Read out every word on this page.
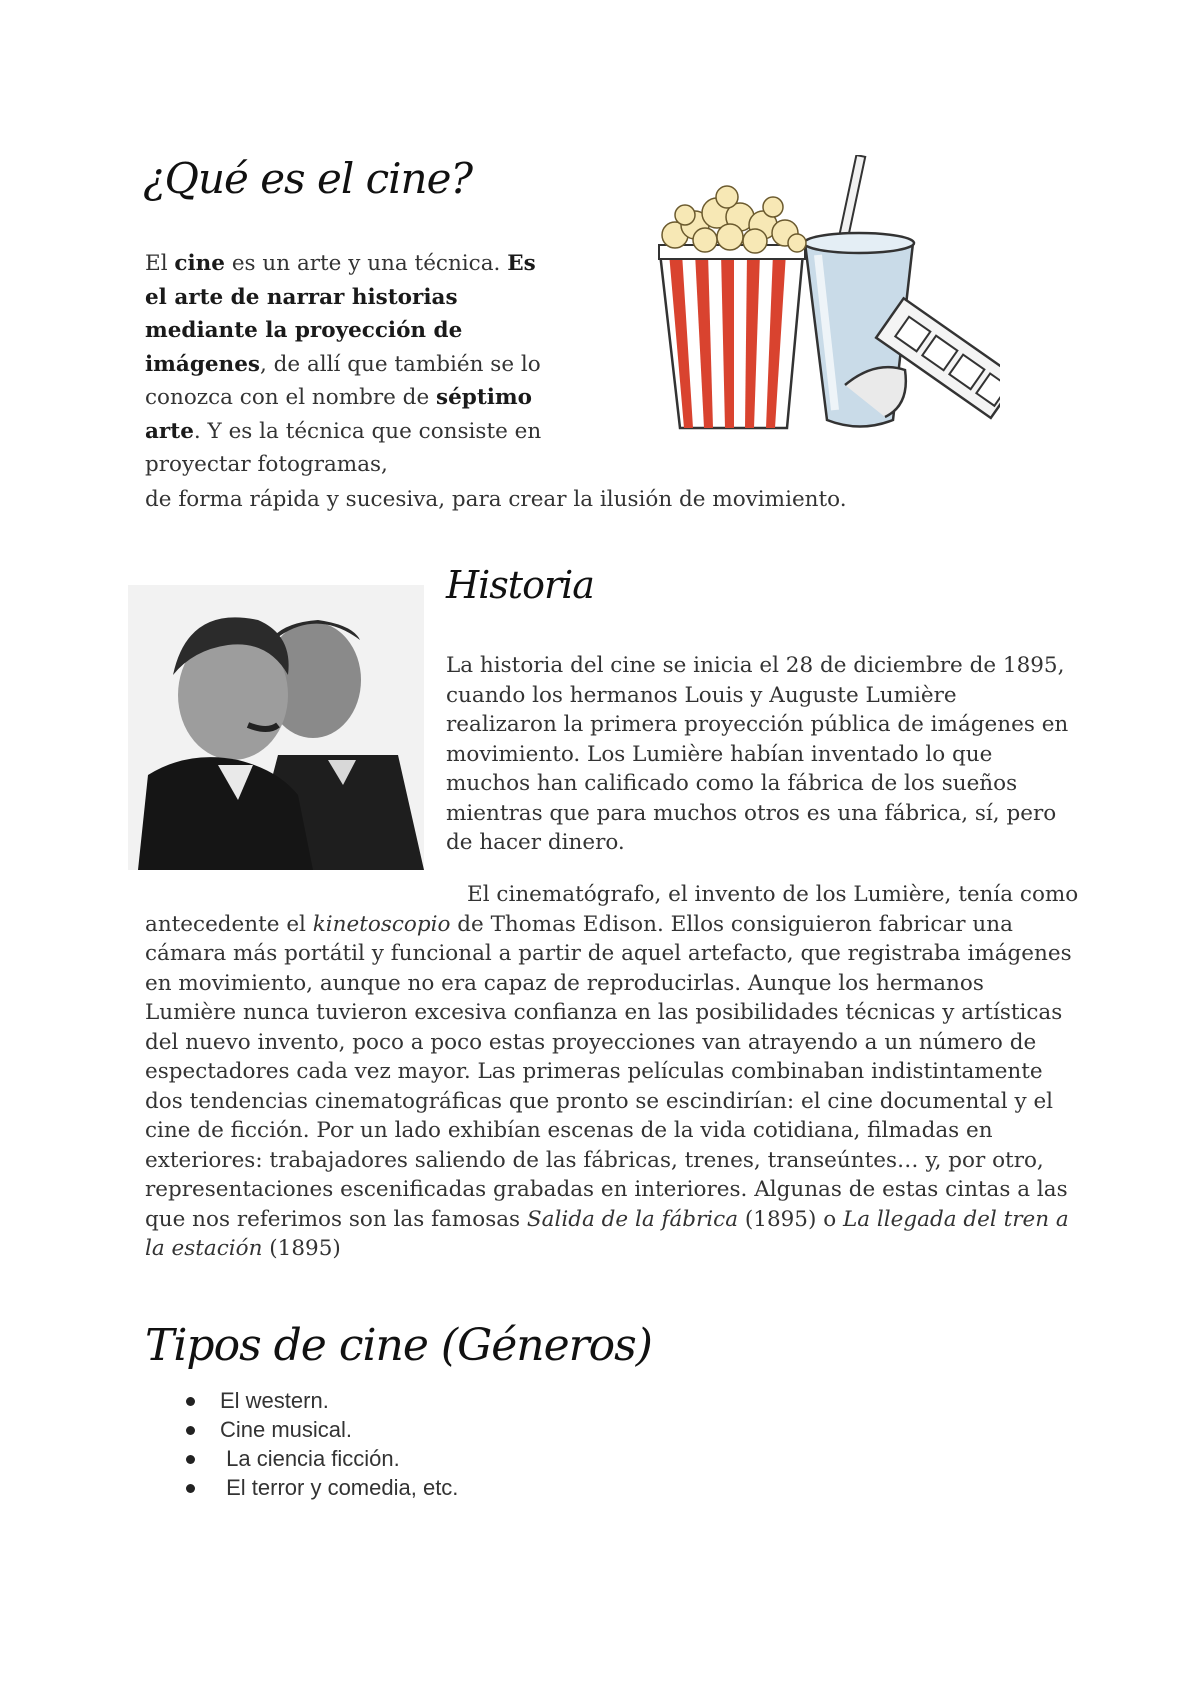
¿Qué es el cine?
El cine es un arte y una técnica. Es el arte de narrar historias mediante la proyección de imágenes, de allí que también se lo conozca con el nombre de séptimo arte. Y es la técnica que consiste en proyectar fotogramas,
de forma rápida y sucesiva, para crear la ilusión de movimiento.
Historia
La historia del cine se inicia el 28 de diciembre de 1895, cuando los hermanos Louis y Auguste Lumière realizaron la primera proyección pública de imágenes en movimiento. Los Lumière habían inventado lo que muchos han calificado como la fábrica de los sueños mientras que para muchos otros es una fábrica, sí, pero de hacer dinero.
El cinematógrafo, el invento de los Lumière, tenía como antecedente el kinetoscopio de Thomas Edison. Ellos consiguieron fabricar una cámara más portátil y funcional a partir de aquel artefacto, que registraba imágenes en movimiento, aunque no era capaz de reproducirlas. Aunque los hermanos Lumière nunca tuvieron excesiva confianza en las posibilidades técnicas y artísticas del nuevo invento, poco a poco estas proyecciones van atrayendo a un número de espectadores cada vez mayor. Las primeras películas combinaban indistintamente dos tendencias cinematográficas que pronto se escindirían: el cine documental y el cine de ficción. Por un lado exhibían escenas de la vida cotidiana, filmadas en exteriores: trabajadores saliendo de las fábricas, trenes, transeúntes… y, por otro, representaciones escenificadas grabadas en interiores. Algunas de estas cintas a las que nos referimos son las famosas Salida de la fábrica (1895) o La llegada del tren a la estación (1895)
Tipos de cine (Géneros)
El western.
Cine musical.
La ciencia ficción.
El terror y comedia, etc.
